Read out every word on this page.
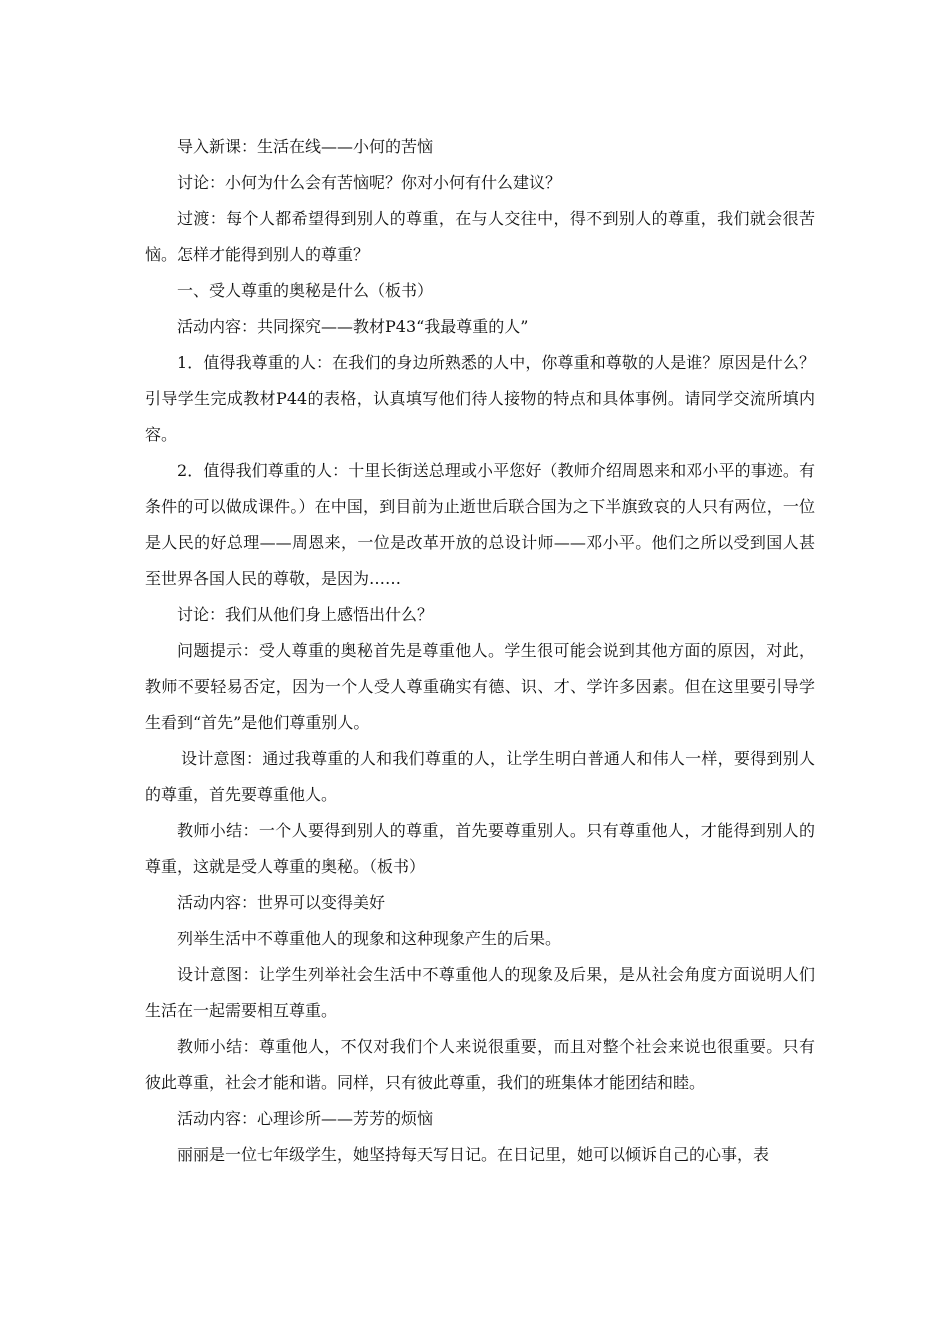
导入新课：生活在线——小何的苦恼

讨论：小何为什么会有苦恼呢？你对小何有什么建议？

过渡：每个人都希望得到别人的尊重，在与人交往中，得不到别人的尊重，我们就会很苦恼。怎样才能得到别人的尊重？

一、受人尊重的奥秘是什么（板书）

活动内容：共同探究——教材P43“我最尊重的人”

1．值得我尊重的人：在我们的身边所熟悉的人中，你尊重和尊敬的人是谁？原因是什么？引导学生完成教材P44的表格，认真填写他们待人接物的特点和具体事例。请同学交流所填内容。

2．值得我们尊重的人：十里长街送总理或小平您好（教师介绍周恩来和邓小平的事迹。有条件的可以做成课件。）在中国，到目前为止逝世后联合国为之下半旗致哀的人只有两位，一位是人民的好总理——周恩来，一位是改革开放的总设计师——邓小平。他们之所以受到国人甚至世界各国人民的尊敬，是因为……

讨论：我们从他们身上感悟出什么？

问题提示：受人尊重的奥秘首先是尊重他人。学生很可能会说到其他方面的原因，对此，教师不要轻易否定，因为一个人受人尊重确实有德、识、才、学许多因素。但在这里要引导学生看到“首先”是他们尊重别人。

设计意图：通过我尊重的人和我们尊重的人，让学生明白普通人和伟人一样，要得到别人的尊重，首先要尊重他人。

教师小结：一个人要得到别人的尊重，首先要尊重别人。只有尊重他人，才能得到别人的尊重，这就是受人尊重的奥秘。（板书）

活动内容：世界可以变得美好

列举生活中不尊重他人的现象和这种现象产生的后果。

设计意图：让学生列举社会生活中不尊重他人的现象及后果，是从社会角度方面说明人们生活在一起需要相互尊重。

教师小结：尊重他人，不仅对我们个人来说很重要，而且对整个社会来说也很重要。只有彼此尊重，社会才能和谐。同样，只有彼此尊重，我们的班集体才能团结和睦。

活动内容：心理诊所——芳芳的烦恼

丽丽是一位七年级学生，她坚持每天写日记。在日记里，她可以倾诉自己的心事，表
